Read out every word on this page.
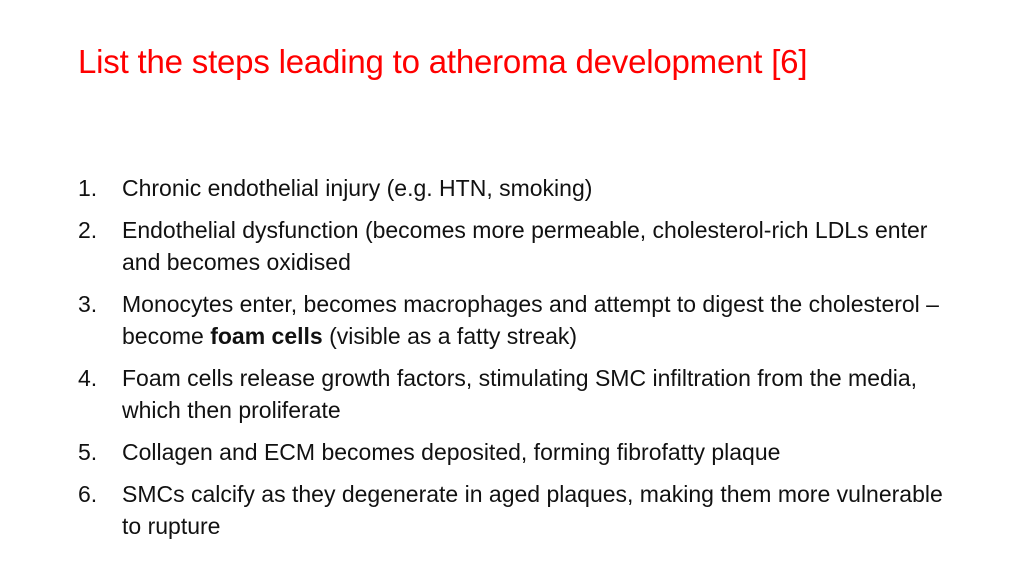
List the steps leading to atheroma development [6]
1.	Chronic endothelial injury (e.g. HTN, smoking)
2.	Endothelial dysfunction (becomes more permeable, cholesterol-rich LDLs enter and becomes oxidised
3.	Monocytes enter, becomes macrophages and attempt to digest the cholesterol – become foam cells (visible as a fatty streak)
4.	Foam cells release growth factors, stimulating SMC infiltration from the media, which then proliferate
5.	Collagen and ECM becomes deposited, forming fibrofatty plaque
6.	SMCs calcify as they degenerate in aged plaques, making them more vulnerable to rupture
